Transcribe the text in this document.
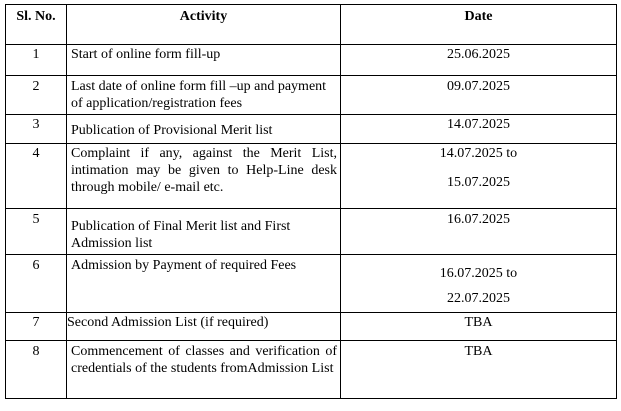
Sl. No.	Activity	Date
1	Start of online form fill-up	25.06.2025
2	Last date of online form fill –up and payment of application/registration fees	09.07.2025
3	Publication of Provisional Merit list	14.07.2025
4	Complaint if any, against the Merit List, intimation may be given to Help-Line desk through mobile/ e-mail etc.	14.07.2025 to
15.07.2025

5	Publication of Final Merit list and First Admission list	16.07.2025
6	Admission by Payment of required Fees	16.07.2025 to
22.07.2025

7	Second Admission List (if required)	TBA
8	Commencement of classes and verification of credentials of the students fromAdmission List	TBA
